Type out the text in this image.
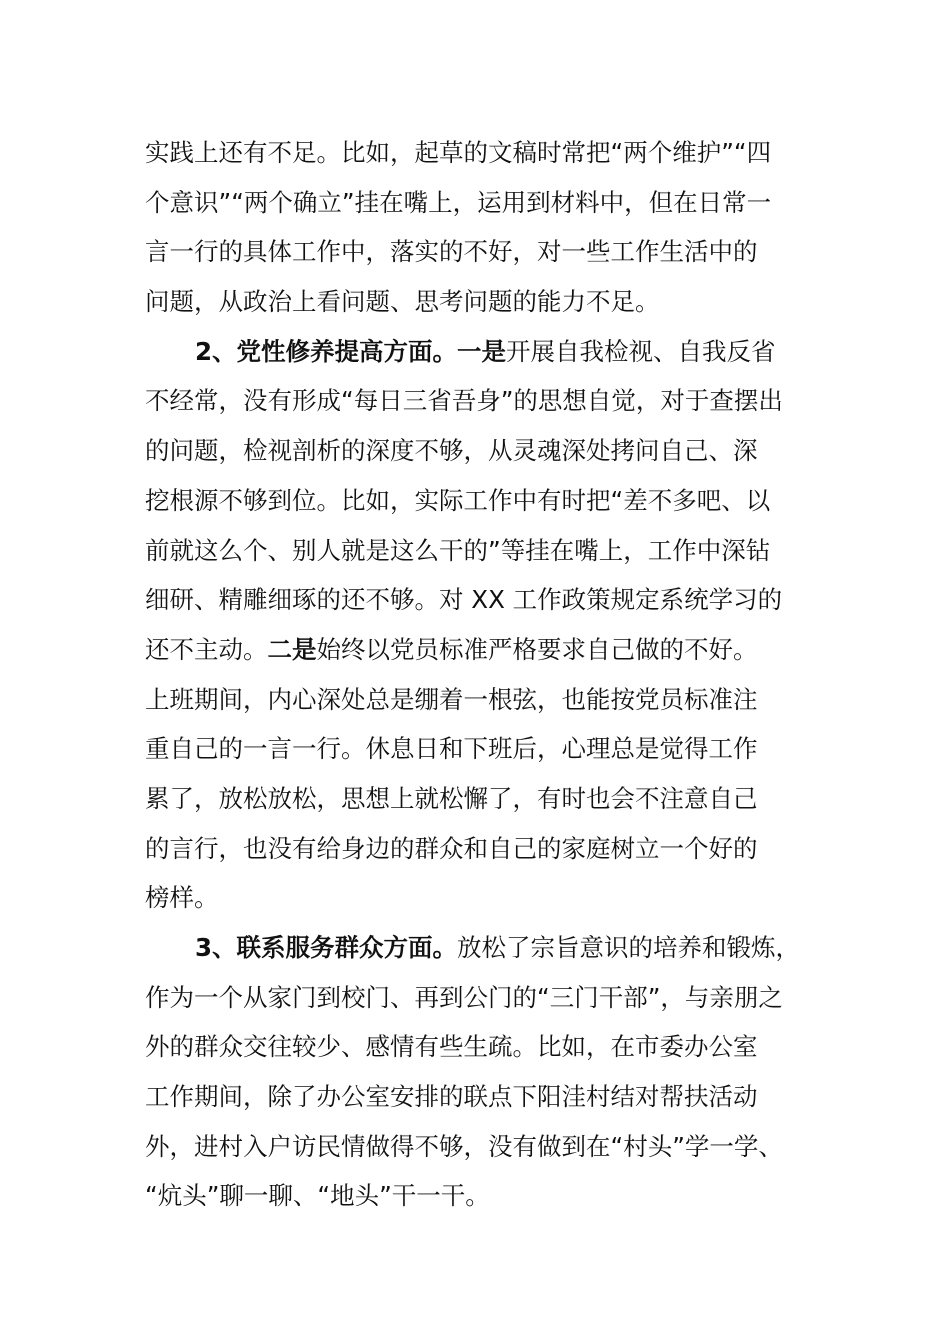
实践上还有不足。比如，起草的文稿时常把“两个维护”“四
个意识”“两个确立”挂在嘴上，运用到材料中，但在日常一
言一行的具体工作中，落实的不好，对一些工作生活中的
问题，从政治上看问题、思考问题的能力不足。
2、党性修养提高方面。一是开展自我检视、自我反省
不经常，没有形成“每日三省吾身”的思想自觉，对于查摆出
的问题，检视剖析的深度不够，从灵魂深处拷问自己、深
挖根源不够到位。比如，实际工作中有时把“差不多吧、以
前就这么个、别人就是这么干的”等挂在嘴上，工作中深钻
细研、精雕细琢的还不够。对 XX 工作政策规定系统学习的
还不主动。二是始终以党员标准严格要求自己做的不好。
上班期间，内心深处总是绷着一根弦，也能按党员标准注
重自己的一言一行。休息日和下班后，心理总是觉得工作
累了，放松放松，思想上就松懈了，有时也会不注意自己
的言行，也没有给身边的群众和自己的家庭树立一个好的
榜样。
3、联系服务群众方面。放松了宗旨意识的培养和锻炼，
作为一个从家门到校门、再到公门的“三门干部”，与亲朋之
外的群众交往较少、感情有些生疏。比如，在市委办公室
工作期间，除了办公室安排的联点下阳洼村结对帮扶活动
外，进村入户访民情做得不够，没有做到在“村头”学一学、
“炕头”聊一聊、“地头”干一干。
